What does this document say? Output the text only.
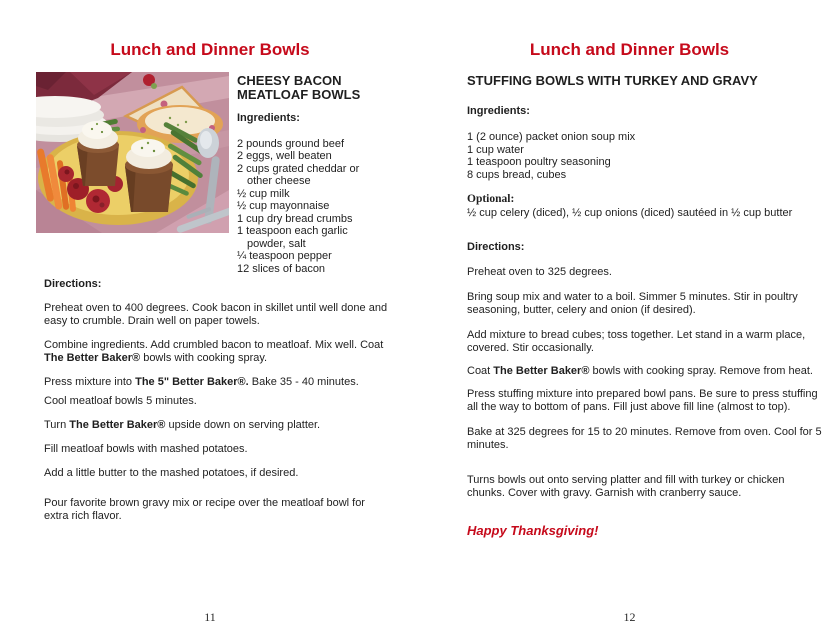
Lunch and Dinner Bowls
CHEESY BACON
MEATLOAF BOWLS
Ingredients:
2 pounds ground beef
2 eggs, well beaten
2 cups grated cheddar or
other cheese
½ cup milk
½ cup mayonnaise
1 cup dry bread crumbs
1 teaspoon each garlic
powder, salt
¼ teaspoon pepper
12 slices of bacon
Directions:

Preheat oven to 400 degrees. Cook bacon in skillet until well done and easy to crumble. Drain well on paper towels.

Combine ingredients. Add crumbled bacon to meatloaf. Mix well. Coat The Better Baker® bowls with cooking spray.

Press mixture into The 5" Better Baker®. Bake 35 - 40 minutes.

Cool meatloaf bowls 5 minutes.

Turn The Better Baker® upside down on serving platter.

Fill meatloaf bowls with mashed potatoes.

Add a little butter to the mashed potatoes, if desired.

Pour favorite brown gravy mix or recipe over the meatloaf bowl for extra rich flavor.

11
Lunch and Dinner Bowls
STUFFING BOWLS WITH TURKEY AND GRAVY
Ingredients:
1 (2 ounce) packet onion soup mix
1 cup water
1 teaspoon poultry seasoning
8 cups bread, cubes
Optional:
½ cup celery (diced), ½ cup onions (diced) sautéed in ½ cup butter
Directions:

Preheat oven to 325 degrees.

Bring soup mix and water to a boil. Simmer 5 minutes. Stir in poultry seasoning, butter, celery and onion (if desired).

Add mixture to bread cubes; toss together. Let stand in a warm place, covered. Stir occasionally.

Coat The Better Baker® bowls with cooking spray. Remove from heat.

Press stuffing mixture into prepared bowl pans. Be sure to press stuffing all the way to bottom of pans. Fill just above fill line (almost to top).

Bake at 325 degrees for 15 to 20 minutes. Remove from oven. Cool for 5 minutes.

Turns bowls out onto serving platter and fill with turkey or chicken chunks. Cover with gravy. Garnish with cranberry sauce.

Happy Thanksgiving!

12
